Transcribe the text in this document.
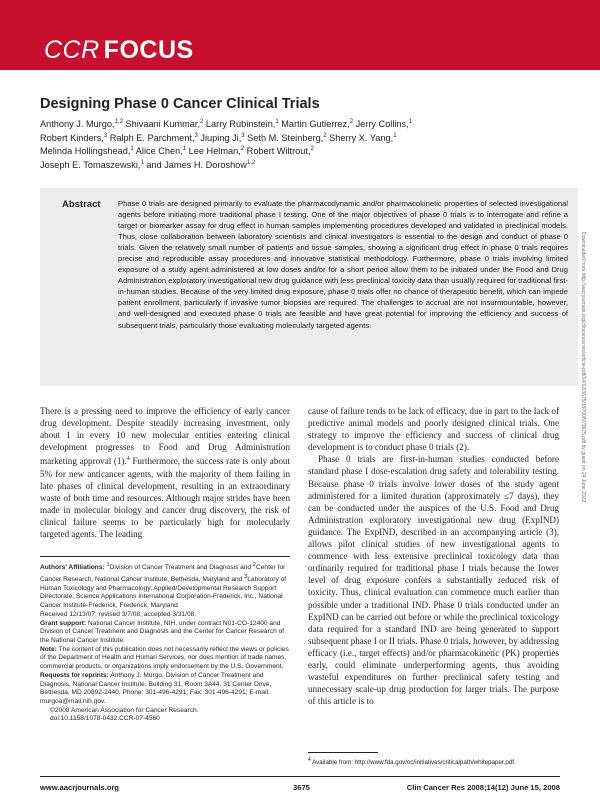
CCR FOCUS
Designing Phase 0 Cancer Clinical Trials
Anthony J. Murgo,$^{1,2}$ Shivaani Kummar,$^2$ Larry Rubinstein,$^1$ Martin Gutierrez,$^2$ Jerry Collins,$^1$
Robert Kinders,$^3$ Ralph E. Parchment,$^3$ Jiuping Ji,$^3$ Seth M. Steinberg,$^2$ Sherry X. Yang,$^1$
Melinda Hollingshead,$^1$ Alice Chen,$^1$ Lee Helman,$^2$ Robert Wiltrout,$^2$
Joseph E. Tomaszewski,$^1$ and James H. Doroshow$^{1,2}$
Abstract Phase 0 trials are designed primarily to evaluate the pharmacodynamic and/or pharmacokinetic properties of selected investigational agents before initiating more traditional phase I testing. One of the major objectives of phase 0 trials is to interrogate and refine a target or biomarker assay for drug effect in human samples implementing procedures developed and validated in preclinical models. Thus, close collaboration between laboratory scientists and clinical investigators is essential to the design and conduct of phase 0 trials. Given the relatively small number of patients and tissue samples, showing a significant drug effect in phase 0 trials requires precise and reproducible assay procedures and innovative statistical methodology. Furthermore, phase 0 trials involving limited exposure of a study agent administered at low doses and/or for a short period allow them to be initiated under the Food and Drug Administration exploratory investigational new drug guidance with less preclinical toxicity data than usually required for traditional first-in-human studies. Because of the very limited drug exposure, phase 0 trials offer no chance of therapeutic benefit, which can impede patient enrollment, particularly if invasive tumor biopsies are required. The challenges to accrual are not insurmountable, however, and well-designed and executed phase 0 trials are feasible and have great potential for improving the efficiency and success of subsequent trials, particularly those evaluating molecularly targeted agents.	Downloaded from http://aacrjournals.org/clincancerres/article-pdf/14/12/3675/1970087/3675.pdf by guest on 24 June 2022

There is a pressing need to improve the efficiency of early cancer drug development. Despite steadily increasing investment, only about 1 in every 10 new molecular entities entering clinical development progresses to Food and Drug Administration marketing approval (1).$^4$ Furthermore, the success rate is only about 5% for new anticancer agents, with the majority of them failing in late phases of clinical development, resulting in an extraordinary waste of both time and resources. Although major strides have been made in molecular biology and cancer drug discovery, the risk of clinical failure seems to be particularly high for molecularly targeted agents. The leading

cause of failure tends to be lack of efficacy, due in part to the lack of predictive animal models and poorly designed clinical trials. One strategy to improve the efficiency and success of clinical drug development is to conduct phase 0 trials (2).

Phase 0 trials are first-in-human studies conducted before standard phase I dose-escalation drug safety and tolerability testing. Because phase 0 trials involve lower doses of the study agent administered for a limited duration (approximately ≤7 days), they can be conducted under the auspices of the U.S. Food and Drug Administration exploratory investigational new drug (ExpIND) guidance. The ExpIND, described in an accompanying article (3), allows pilot clinical studies of new investigational agents to commence with less extensive preclinical toxicology data than ordinarily required for traditional phase I trials because the lower level of drug exposure confers a substantially reduced risk of toxicity. Thus, clinical evaluation can commence much earlier than possible under a traditional IND. Phase 0 trials conducted under an ExpIND can be carried out before or while the preclinical toxicology data required for a standard IND are being generated to support subsequent phase I or II trials. Phase 0 trials, however, by addressing efficacy (i.e., target effects) and/or pharmacokinetic (PK) properties early, could eliminate underperforming agents, thus avoiding wasteful expenditures on further preclinical safety testing and unnecessary scale-up drug production for larger trials. The purpose of this article is to

Authors' Affiliations: $^1$Division of Cancer Treatment and Diagnosis and $^2$Center for Cancer Research, National Cancer Institute, Bethesda, Maryland and $^3$Laboratory of Human Toxicology and Pharmacology, Applied/Developmental Research Support Directorate, Science Applications International Corporation-Frederick, Inc., National Cancer Institute-Frederick, Frederick, Maryland

Received 12/13/07; revised 3/7/08; accepted 3/31/08.

Grant support: National Cancer Institute, NIH, under contract N01-CO-12400 and Division of Cancer Treatment and Diagnosis and the Center for Cancer Research of the National Cancer Institute.

Note: The content of this publication does not necessarily reflect the views or policies of the Department of Health and Human Services, nor does mention of trade names, commercial products, or organizations imply endorsement by the U.S. Government.

Requests for reprints: Anthony J. Murgo, Division of Cancer Treatment and Diagnosis, National Cancer Institute, Building 31, Room 3A44, 31 Center Drive, Bethesda, MD 20892-2440. Phone: 301-496-4291; Fax: 301-496-4291; E-mail: murgoa@mail.nih.gov.

©2008 American Association for Cancer Research.

doi:10.1158/1078-0432.CCR-07-4560

$^4$ Available from: http://www.fda.gov/oc/initiatives/criticalpath/whitepaper.pdf.
www.aacrjournals.org	3675	Clin Cancer Res 2008;14(12) June 15, 2008
